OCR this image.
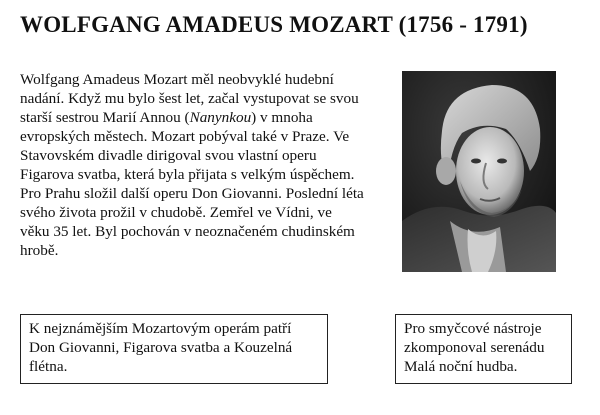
WOLFGANG AMADEUS MOZART (1756 - 1791)

Wolfgang Amadeus Mozart měl neobvyklé hudební nadání. Když mu bylo šest let, začal vystupovat se svou starší sestrou Marií Annou (Nanynkou) v mnoha evropských městech. Mozart pobýval také v Praze. Ve Stavovském divadle dirigoval svou vlastní operu Figarova svatba, která byla přijata s velkým úspěchem. Pro Prahu složil další operu Don Giovanni. Poslední léta svého života prožil v chudobě. Zemřel ve Vídni, ve věku 35 let. Byl pochován v neoznačeném chudinském hrobě.

K nejznámějším Mozartovým operám patří Don Giovanni, Figarova svatba a Kouzelná flétna.
Pro smyčcové nástroje zkomponoval serenádu Malá noční hudba.
